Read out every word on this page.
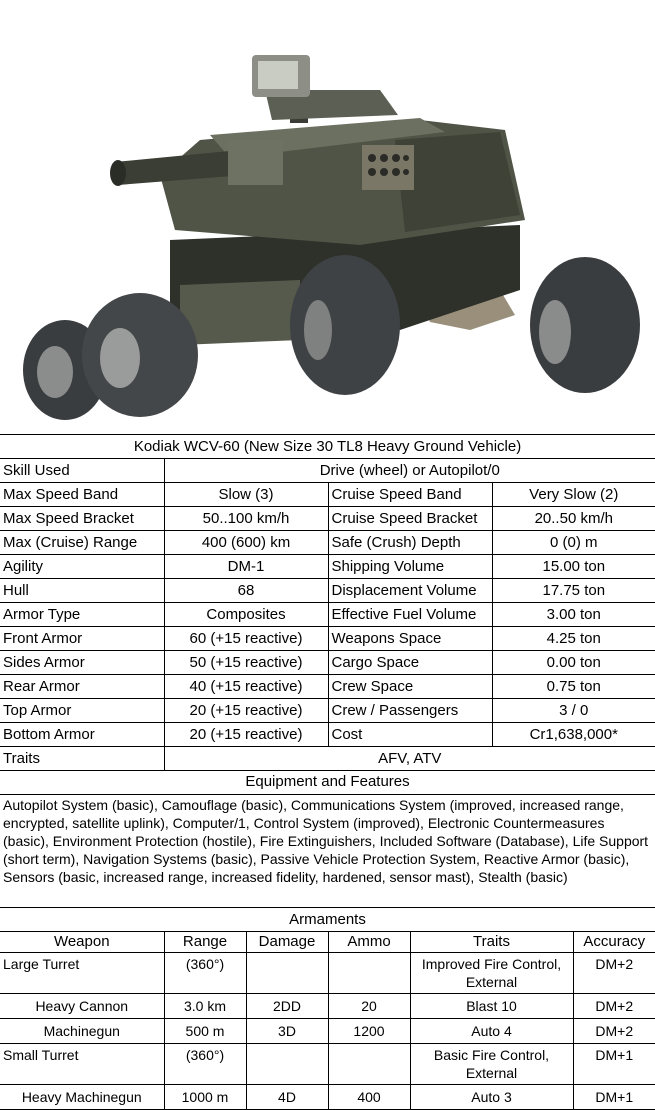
Kodiak WCV-60 (New Size 30 TL8 Heavy Ground Vehicle)			
Skill Used	Drive (wheel) or Autopilot/0		
Max Speed Band	Slow (3)	Cruise Speed Band	Very Slow (2)
Max Speed Bracket	50..100 km/h	Cruise Speed Bracket	20..50 km/h
Max (Cruise) Range	400 (600) km	Safe (Crush) Depth	0 (0) m
Agility	DM-1	Shipping Volume	15.00 ton
Hull	68	Displacement Volume	17.75 ton
Armor Type	Composites	Effective Fuel Volume	3.00 ton
Front Armor	60 (+15 reactive)	Weapons Space	4.25 ton
Sides Armor	50 (+15 reactive)	Cargo Space	0.00 ton
Rear Armor	40 (+15 reactive)	Crew Space	0.75 ton
Top Armor	20 (+15 reactive)	Crew / Passengers	3 / 0
Bottom Armor	20 (+15 reactive)	Cost	Cr1,638,000*
Traits	AFV, ATV		
Equipment and Features
Autopilot System (basic), Camouflage (basic), Communications System (improved, increased range, encrypted, satellite uplink), Computer/1, Control System (improved), Electronic Countermeasures (basic), Environment Protection (hostile), Fire Extinguishers, Included Software (Database), Life Support (short term), Navigation Systems (basic), Passive Vehicle Protection System, Reactive Armor (basic), Sensors (basic, increased range, increased fidelity, hardened, sensor mast), Stealth (basic)
Armaments
Weapon	Range	Damage	Ammo	Traits	Accuracy
Large Turret	(360°)			Improved Fire Control, External	DM+2
Heavy Cannon	3.0 km	2DD	20	Blast 10	DM+2
Machinegun	500 m	3D	1200	Auto 4	DM+2
Small Turret	(360°)			Basic Fire Control, External	DM+1
Heavy Machinegun	1000 m	4D	400	Auto 3	DM+1
